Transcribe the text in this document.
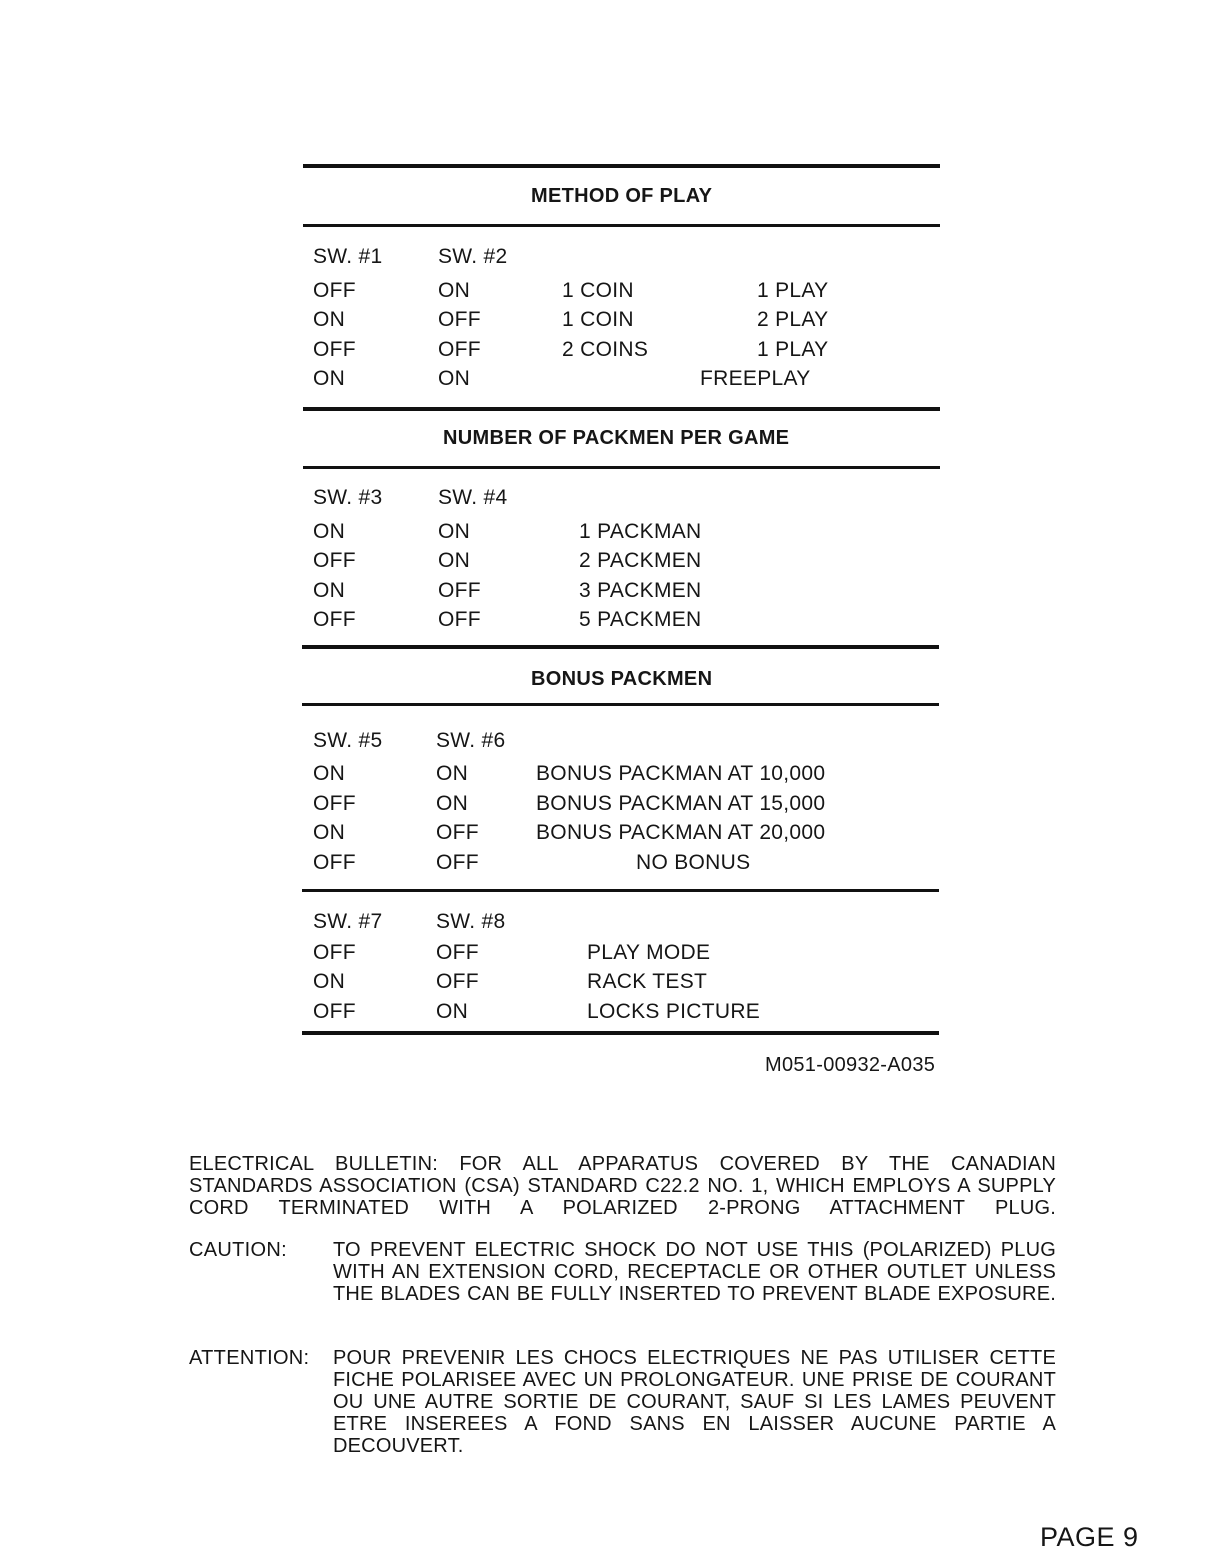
METHOD OF PLAY
SW. #1	SW. #2
OFF	ON	1 COIN	1 PLAY
ON	OFF	1 COIN	2 PLAY
OFF	OFF	2 COINS	1 PLAY
ON	ON	FREEPLAY
NUMBER OF PACKMEN PER GAME
SW. #3	SW. #4
ON	ON	1 PACKMAN
OFF	ON	2 PACKMEN
ON	OFF	3 PACKMEN
OFF	OFF	5 PACKMEN
BONUS PACKMEN
SW. #5	SW. #6
ON	ON	BONUS PACKMAN AT 10,000
OFF	ON	BONUS PACKMAN AT 15,000
ON	OFF	BONUS PACKMAN AT 20,000
OFF	OFF	NO BONUS
SW. #7	SW. #8
OFF	OFF	PLAY MODE
ON	OFF	RACK TEST
OFF	ON	LOCKS PICTURE
M051-00932-A035
ELECTRICAL BULLETIN: FOR ALL APPARATUS COVERED BY THE CANADIAN STANDARDS ASSOCIATION (CSA) STANDARD C22.2 NO. 1, WHICH EMPLOYS A SUPPLY CORD TERMINATED WITH A POLARIZED 2-PRONG ATTACHMENT PLUG.
CAUTION: TO PREVENT ELECTRIC SHOCK DO NOT USE THIS (POLARIZED) PLUG WITH AN EXTENSION CORD, RECEPTACLE OR OTHER OUTLET UNLESS THE BLADES CAN BE FULLY INSERTED TO PREVENT BLADE EXPOSURE.
ATTENTION: POUR PREVENIR LES CHOCS ELECTRIQUES NE PAS UTILISER CETTE FICHE POLARISEE AVEC UN PROLONGATEUR. UNE PRISE DE COURANT OU UNE AUTRE SORTIE DE COURANT, SAUF SI LES LAMES PEUVENT ETRE INSEREES A FOND SANS EN LAISSER AUCUNE PARTIE A DECOUVERT.
PAGE 9
